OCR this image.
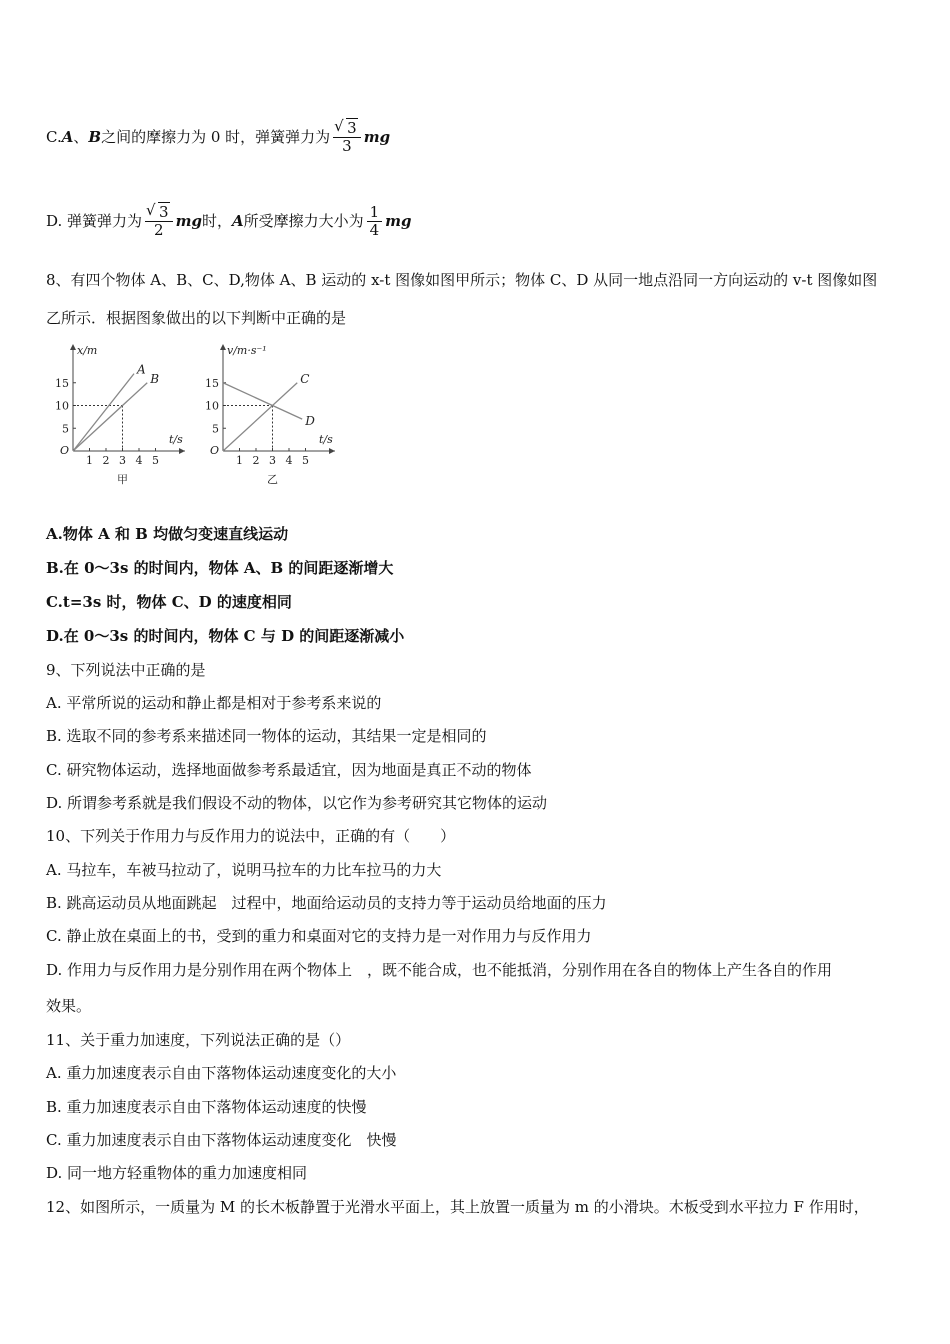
C. A 、 B 之间的摩擦力为 0 时，弹簧弹力为 √ $\frac{3}{3}$ mg
D. 弹簧弹力为 √ $\frac{3}{2}$ mg 时， A 所受摩擦力大小为 $\frac{1}{4}$ mg
8、有四个物体 A、B、C、D,物体 A、B 运动的 x-t 图像如图甲所示；物体 C、D 从同一地点沿同一方向运动的 v-t 图像如图
乙所示．根据图象做出的以下判断中正确的是
x/m
t/s
O
1 2 3 4 5
5
10
15
A
B
甲
v/m·s⁻¹
t/s
O
1 2 3 4 5
5
10
15	C
D
乙
A.物体 A 和 B 均做匀变速直线运动
B.在 0～3s 的时间内，物体 A、B 的间距逐渐增大
C.t=3s 时，物体 C、D 的速度相同
D.在 0～3s 的时间内，物体 C 与 D 的间距逐渐减小
9、下列说法中正确的是
A. 平常所说的运动和静止都是相对于参考系来说的
B. 选取不同的参考系来描述同一物体的运动，其结果一定是相同的
C. 研究物体运动，选择地面做参考系最适宜，因为地面是真正不动的物体
D. 所谓参考系就是我们假设不动的物体，以它作为参考研究其它物体的运动
10、下列关于作用力与反作用力的说法中，正确的有（　　）
A. 马拉车，车被马拉动了，说明马拉车的力比车拉马的力大
B. 跳高运动员从地面跳起　过程中，地面给运动员的支持力等于运动员给地面的压力
C. 静止放在桌面上的书，受到的重力和桌面对它的支持力是一对作用力与反作用力
D. 作用力与反作用力是分别作用在两个物体上　，既不能合成，也不能抵消，分别作用在各自的物体上产生各自的作用
效果。
11、关于重力加速度，下列说法正确的是（）
A. 重力加速度表示自由下落物体运动速度变化的大小
B. 重力加速度表示自由下落物体运动速度的快慢
C. 重力加速度表示自由下落物体运动速度变化　快慢
D. 同一地方轻重物体的重力加速度相同
12、如图所示，一质量为 M 的长木板静置于光滑水平面上，其上放置一质量为 m 的小滑块。木板受到水平拉力 F 作用时，
